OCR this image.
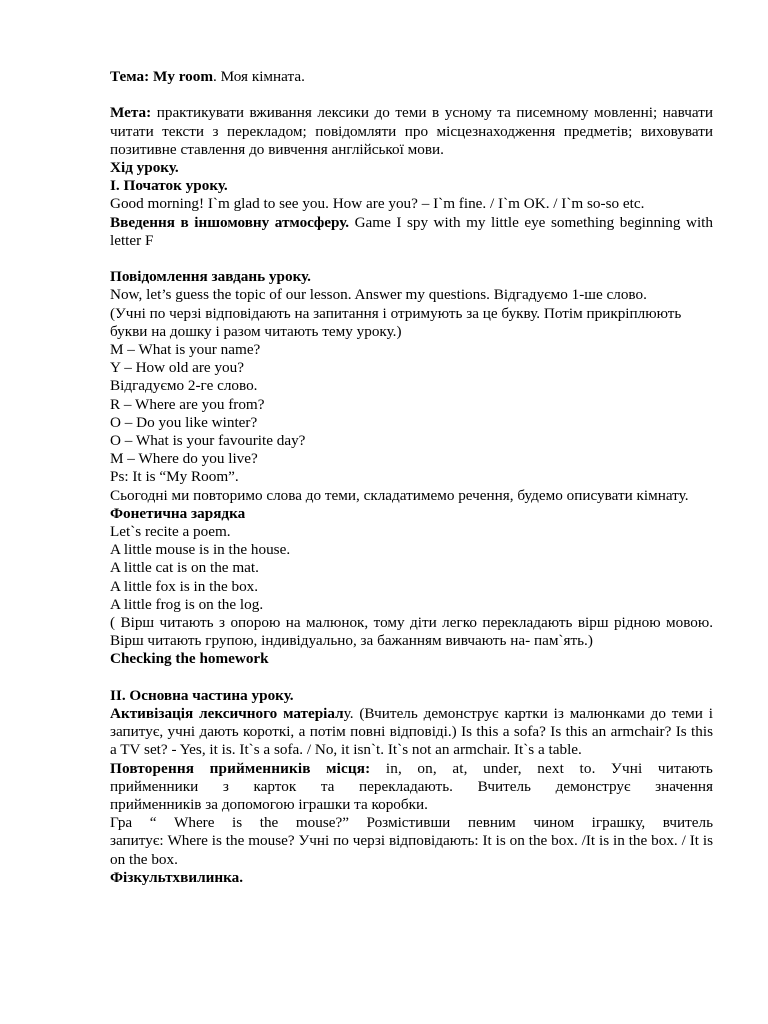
Тема: My room. Моя кімната.

Мета: практикувати вживання лексики до теми в усному та писемному мовленні; навчати читати тексти з перекладом; повідомляти про місцезнаходження предметів; виховувати позитивне ставлення до вивчення англійської мови.

Хід уроку.

I. Початок уроку.

Good morning! I`m glad to see you. How are you? – I`m fine. / I`m OK. / I`m so-so etc.

Введення в іншомовну атмосферу. Game I spy with my little eye something beginning with letter F

Повідомлення завдань уроку.

Now, let’s guess the topic of our lesson. Answer my questions. Відгадуємо 1-ше слово.

(Учні по черзі відповідають на запитання і отримують за це букву. Потім прикріплюють букви на дошку і разом читають тему уроку.)

M – What is your name?

Y – How old are you?

Відгадуємо 2-ге слово.

R – Where are you from?

O – Do you like winter?

O – What is your favourite day?

M – Where do you live?

Ps: It is “My Room”.

Сьогодні ми повторимо слова до теми, складатимемо речення, будемо описувати кімнату.

Фонетична зарядка

Let`s recite a poem.

A little mouse is in the house.

A little cat is on the mat.

A little fox is in the box.

A little frog is on the log.

( Вірш читають з опорою на малюнок, тому діти легко перекладають вірш рідною мовою. Вірш читають групою, індивідуально, за бажанням вивчають на- пам`ять.)

Checking the homework

II. Основна частина уроку.

Активізація лексичного матеріалу. (Вчитель демонструє картки із малюнками до теми і запитує, учні дають короткі, а потім повні відповіді.) Is this a sofa? Is this an armchair? Is this a TV set? - Yes, it is. It`s a sofa. / No, it isn`t. It`s not an armchair. It`s a table.

Повторення прийменників місця: in, on, at, under, next to. Учні читають

прийменники з карток та перекладають. Вчитель демонструє значення

прийменників за допомогою іграшки та коробки.

Гра “ Where is the mouse?” Розмістивши певним чином іграшку, вчитель

запитує: Where is the mouse? Учні по черзі відповідають: It is on the box. /It is in the box. / It is on the box.

Фізкультхвилинка.
